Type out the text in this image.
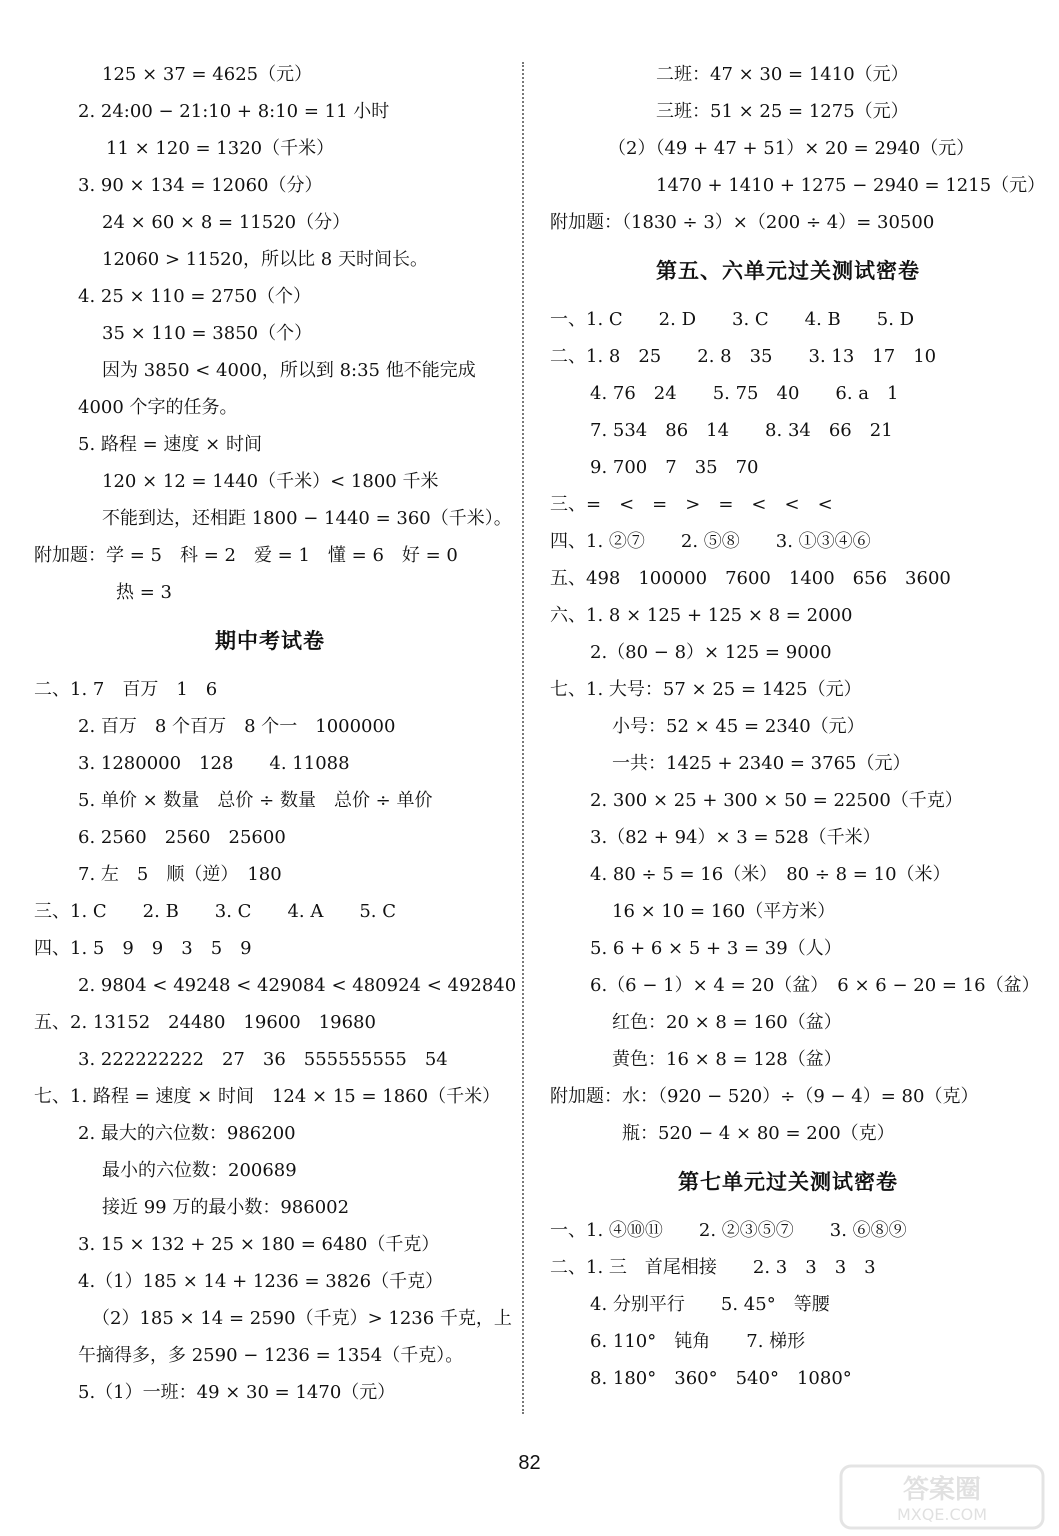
125 × 37 = 4625（元）
2. 24:00 − 21:10 + 8:10 = 11 小时
11 × 120 = 1320（千米）
3. 90 × 134 = 12060（分）
24 × 60 × 8 = 11520（分）
12060 > 11520，所以比 8 天时间长。
4. 25 × 110 = 2750（个）
35 × 110 = 3850（个）
因为 3850 < 4000，所以到 8:35 他不能完成
4000 个字的任务。
5. 路程 = 速度 × 时间
120 × 12 = 1440（千米）< 1800 千米
不能到达，还相距 1800 − 1440 = 360（千米）。
附加题：学 = 5　科 = 2　爱 = 1　懂 = 6　好 = 0
热 = 3
期中考试卷
二、1. 7　百万　1　6
2. 百万　8 个百万　8 个一　1000000
3. 1280000　128　　4. 11088
5. 单价 × 数量　总价 ÷ 数量　总价 ÷ 单价
6. 2560　2560　25600
7. 左　5　顺（逆）　180
三、1. C　　2. B　　3. C　　4. A　　5. C
四、1. 5　9　9　3　5　9
2. 9804 < 49248 < 429084 < 480924 < 492840
五、2. 13152　24480　19600　19680
3. 222222222　27　36　555555555　54
七、1. 路程 = 速度 × 时间　124 × 15 = 1860（千米）
2. 最大的六位数：986200
最小的六位数：200689
接近 99 万的最小数：986002
3. 15 × 132 + 25 × 180 = 6480（千克）
4.（1）185 × 14 + 1236 = 3826（千克）
（2）185 × 14 = 2590（千克）> 1236 千克，上
午摘得多，多 2590 − 1236 = 1354（千克）。
5.（1）一班：49 × 30 = 1470（元）
二班：47 × 30 = 1410（元）
三班：51 × 25 = 1275（元）
（2）（49 + 47 + 51）× 20 = 2940（元）
1470 + 1410 + 1275 − 2940 = 1215（元）
附加题：（1830 ÷ 3）×（200 ÷ 4）= 30500
第五、六单元过关测试密卷
一、1. C　　2. D　　3. C　　4. B　　5. D
二、1. 8　25　　2. 8　35　　3. 13　17　10
4. 76　24　　5. 75　40　　6. a　1
7. 534　86　14　　8. 34　66　21
9. 700　7　35　70
三、=　<　=　>　=　<　<　<
四、1. ②⑦　　2. ⑤⑧　　3. ①③④⑥
五、498　100000　7600　1400　656　3600
六、1. 8 × 125 + 125 × 8 = 2000
2.（80 − 8）× 125 = 9000
七、1. 大号：57 × 25 = 1425（元）
小号：52 × 45 = 2340（元）
一共：1425 + 2340 = 3765（元）
2. 300 × 25 + 300 × 50 = 22500（千克）
3.（82 + 94）× 3 = 528（千米）
4. 80 ÷ 5 = 16（米）　80 ÷ 8 = 10（米）
16 × 10 = 160（平方米）
5. 6 + 6 × 5 + 3 = 39（人）
6.（6 − 1）× 4 = 20（盆）　6 × 6 − 20 = 16（盆）
红色：20 × 8 = 160（盆）
黄色：16 × 8 = 128（盆）
附加题：水：（920 − 520）÷（9 − 4）= 80（克）
瓶：520 − 4 × 80 = 200（克）
第七单元过关测试密卷
一、1. ④⑩⑪　　2. ②③⑤⑦　　3. ⑥⑧⑨
二、1. 三　首尾相接　　2. 3　3　3　3
4. 分别平行　　5. 45°　等腰
6. 110°　钝角　　7. 梯形
8. 180°　360°　540°　1080°
82
答案圈
MXQE.COM
